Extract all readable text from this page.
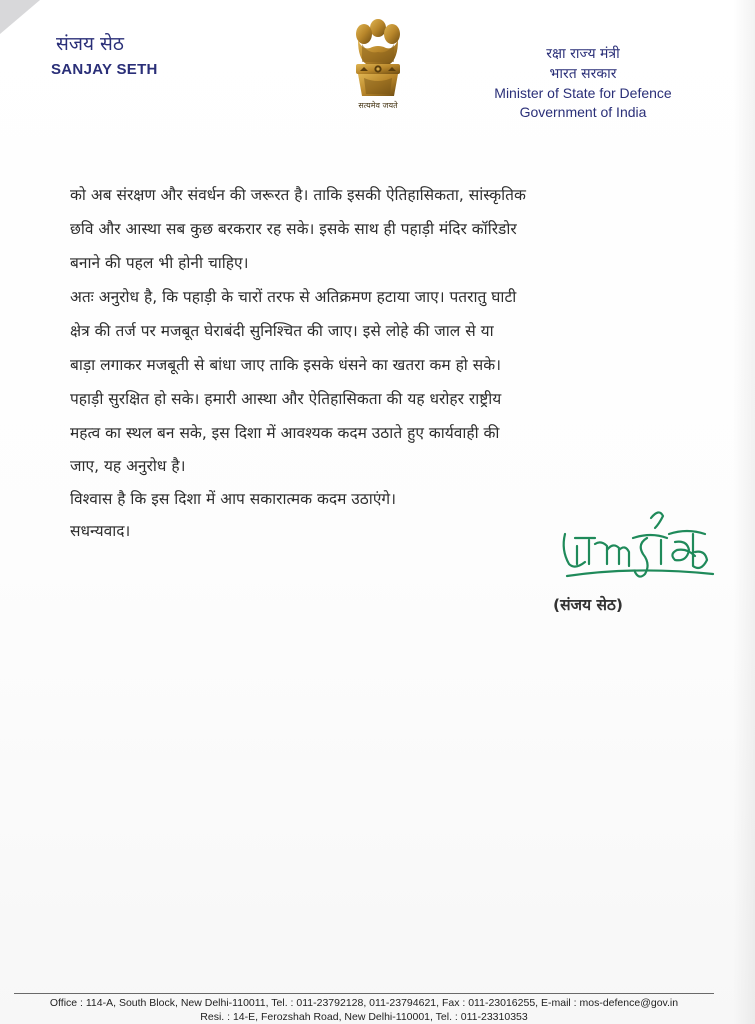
संजय सेठ
SANJAY SETH
सत्यमेव जयते
रक्षा राज्य मंत्री
भारत सरकार
Minister of State for Defence
Government of India
को अब संरक्षण और संवर्धन की जरूरत है। ताकि इसकी ऐतिहासिकता, सांस्कृतिक
छवि और आस्था सब कुछ बरकरार रह सके। इसके साथ ही पहाड़ी मंदिर कॉरिडोर
बनाने की पहल भी होनी चाहिए।
अतः अनुरोध है, कि पहाड़ी के चारों तरफ से अतिक्रमण हटाया जाए। पतरातु घाटी
क्षेत्र की तर्ज पर मजबूत घेराबंदी सुनिश्चित की जाए। इसे लोहे की जाल से या
बाड़ा लगाकर मजबूती से बांधा जाए ताकि इसके धंसने का खतरा कम हो सके।
पहाड़ी सुरक्षित हो सके। हमारी आस्था और ऐतिहासिकता की यह धरोहर राष्ट्रीय
महत्व का स्थल बन सके, इस दिशा में आवश्यक कदम उठाते हुए कार्यवाही की
जाए, यह अनुरोध है।
विश्वास है कि इस दिशा में आप सकारात्मक कदम उठाएंगे।
सधन्यवाद।
(संजय सेठ)
Office : 114-A, South Block, New Delhi-110011, Tel. : 011-23792128, 011-23794621, Fax : 011-23016255, E-mail : mos-defence@gov.in
Resi. : 14-E, Ferozshah Road, New Delhi-110001, Tel. : 011-23310353
